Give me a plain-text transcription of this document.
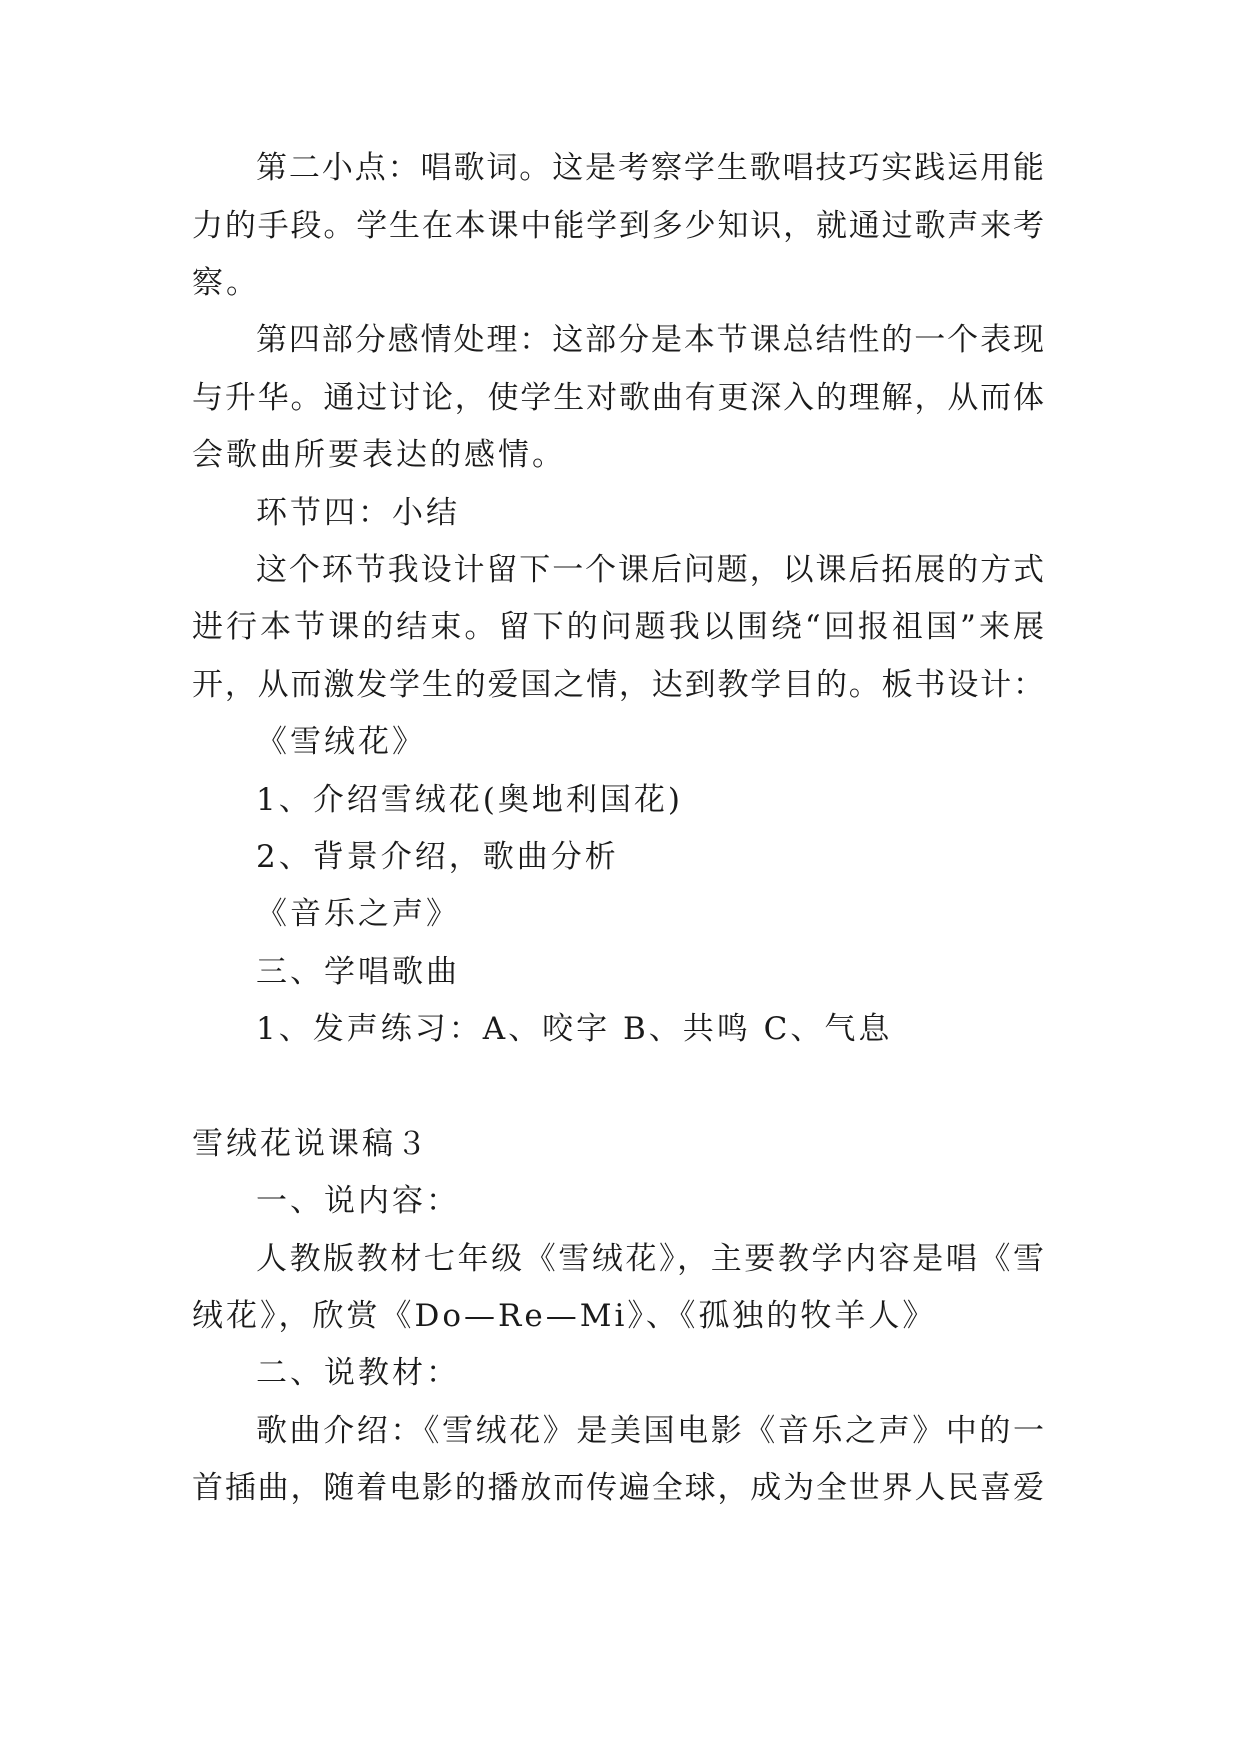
第二小点：唱歌词。这是考察学生歌唱技巧实践运用能
力的手段。学生在本课中能学到多少知识，就通过歌声来考
察。
第四部分感情处理：这部分是本节课总结性的一个表现
与升华。通过讨论，使学生对歌曲有更深入的理解，从而体
会歌曲所要表达的感情。
环节四：小结
这个环节我设计留下一个课后问题，以课后拓展的方式
进行本节课的结束。留下的问题我以围绕“回报祖国”来展
开，从而激发学生的爱国之情，达到教学目的。板书设计：
《雪绒花》
1、介绍雪绒花(奥地利国花)
2、背景介绍，歌曲分析
《音乐之声》
三、学唱歌曲
1、发声练习：A、咬字 B、共鸣 C、气息
雪绒花说课稿３
一、说内容：
人教版教材七年级《雪绒花》，主要教学内容是唱《雪
绒花》，欣赏《Do—Re—Mi》、《孤独的牧羊人》
二、说教材：
歌曲介绍：《雪绒花》是美国电影《音乐之声》中的一
首插曲，随着电影的播放而传遍全球，成为全世界人民喜爱
